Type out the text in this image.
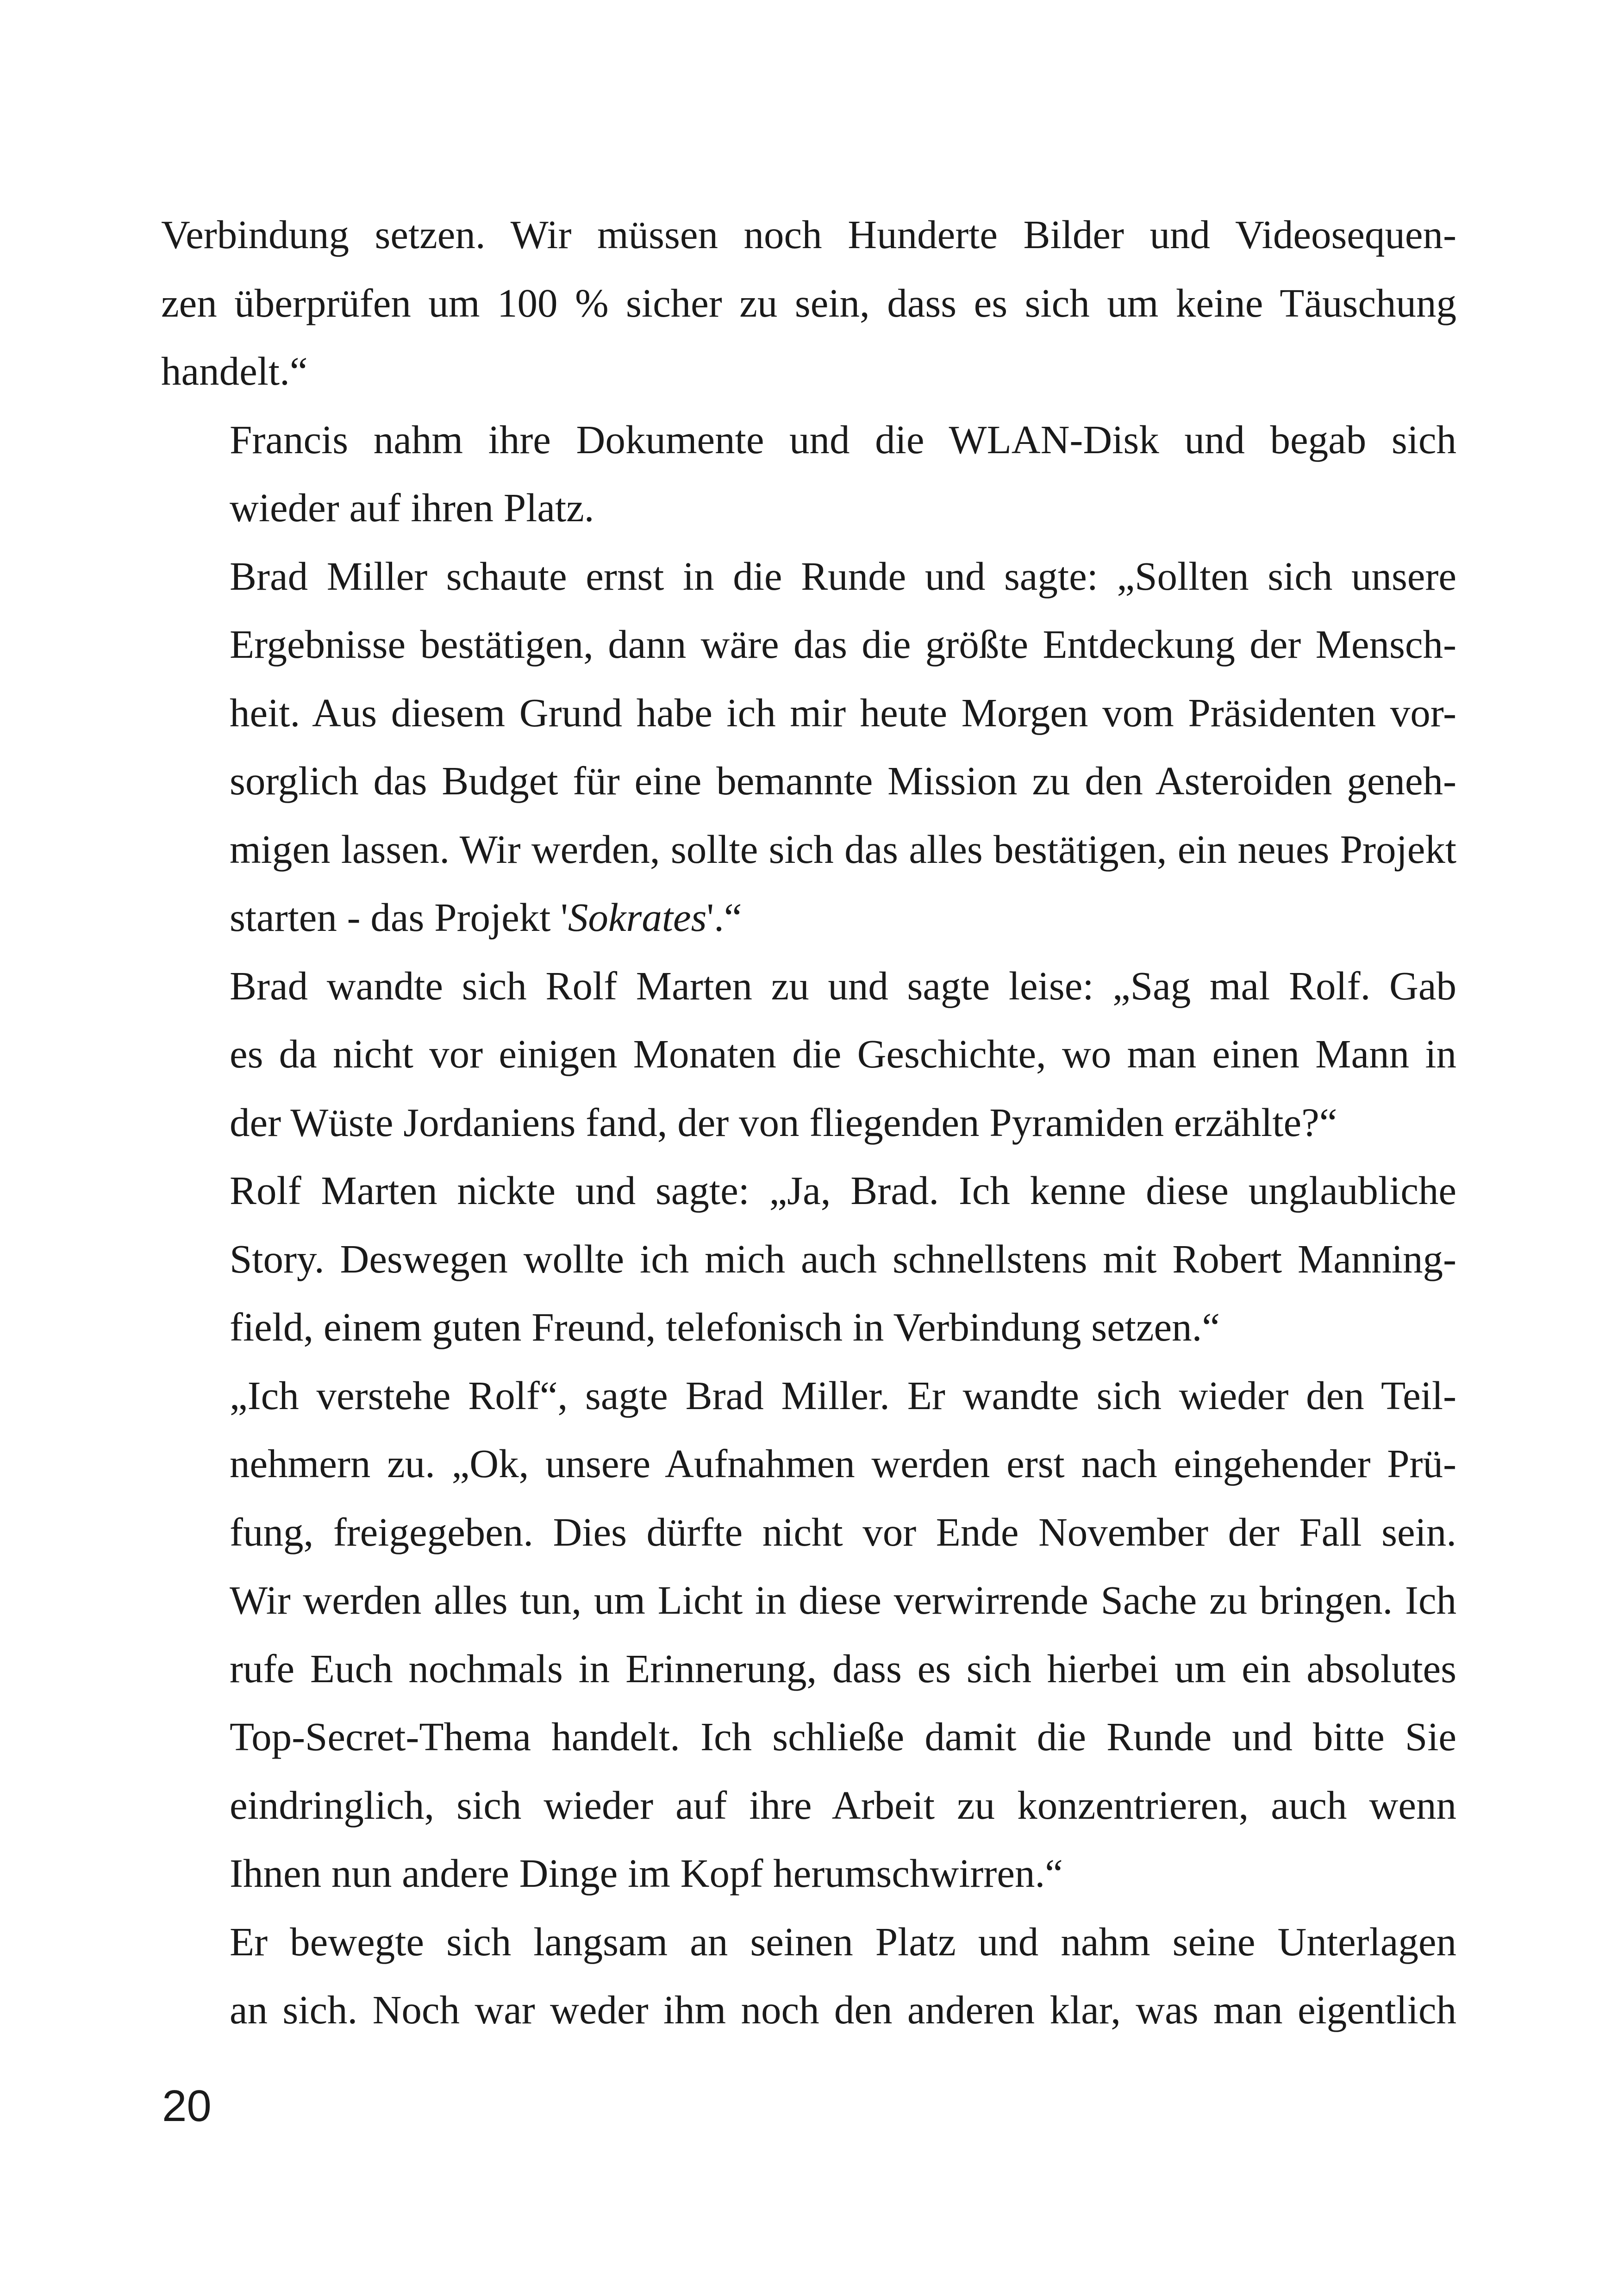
Verbindung setzen. Wir müssen noch Hunderte Bilder und Videosequen-
zen überprüfen um 100 % sicher zu sein, dass es sich um keine Täuschung
handelt.“

Francis nahm ihre Dokumente und die WLAN-Disk und begab sich
wieder auf ihren Platz.

Brad Miller schaute ernst in die Runde und sagte: „Sollten sich unsere
Ergebnisse bestätigen, dann wäre das die größte Entdeckung der Mensch-
heit. Aus diesem Grund habe ich mir heute Morgen vom Präsidenten vor-
sorglich das Budget für eine bemannte Mission zu den Asteroiden geneh-
migen lassen. Wir werden, sollte sich das alles bestätigen, ein neues Projekt
starten - das Projekt 'Sokrates'.“

Brad wandte sich Rolf Marten zu und sagte leise: „Sag mal Rolf. Gab
es da nicht vor einigen Monaten die Geschichte, wo man einen Mann in
der Wüste Jordaniens fand, der von fliegenden Pyramiden erzählte?“

Rolf Marten nickte und sagte: „Ja, Brad. Ich kenne diese unglaubliche
Story. Deswegen wollte ich mich auch schnellstens mit Robert Manning-
field, einem guten Freund, telefonisch in Verbindung setzen.“

„Ich verstehe Rolf“, sagte Brad Miller. Er wandte sich wieder den Teil-
nehmern zu. „Ok, unsere Aufnahmen werden erst nach eingehender Prü-
fung, freigegeben. Dies dürfte nicht vor Ende November der Fall sein.
Wir werden alles tun, um Licht in diese verwirrende Sache zu bringen. Ich
rufe Euch nochmals in Erinnerung, dass es sich hierbei um ein absolutes
Top-Secret-Thema handelt. Ich schließe damit die Runde und bitte Sie
eindringlich, sich wieder auf ihre Arbeit zu konzentrieren, auch wenn
Ihnen nun andere Dinge im Kopf herumschwirren.“

Er bewegte sich langsam an seinen Platz und nahm seine Unterlagen
an sich. Noch war weder ihm noch den anderen klar, was man eigentlich

20
